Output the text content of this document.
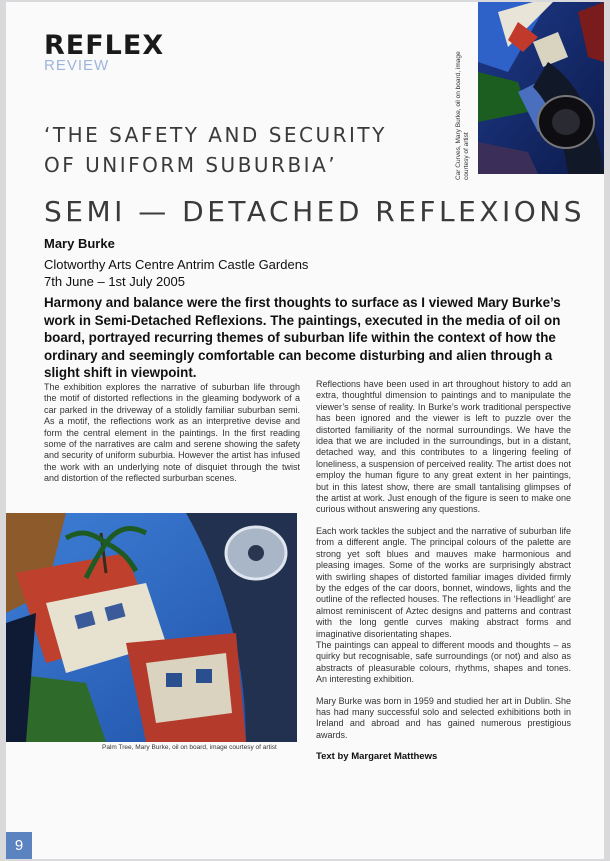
REFLEX
REVIEW	Car Curves, Mary Burke, oil on board, image courtesy of artist
‘THE SAFETY AND SECURITY
OF UNIFORM SUBURBIA’
SEMI — DETACHED REFLEXIONS
Mary Burke
Clotworthy Arts Centre Antrim Castle Gardens
7th June – 1st July 2005
Harmony and balance were the first thoughts to surface as I viewed Mary Burke’s work in Semi-Detached Reflexions. The paintings, executed in the media of oil on board, portrayed recurring themes of suburban life within the context of how the ordinary and seemingly comfortable can become disturbing and alien through a slight shift in viewpoint.
The exhibition explores the narrative of suburban life through the motif of distorted reflections in the gleaming bodywork of a car parked in the driveway of a stolidly familiar suburban semi. As a motif, the reflections work as an interpretive devise and form the central element in the paintings. In the first reading some of the narratives are calm and serene showing the safety and security of uniform suburbia. However the artist has infused the work with an underlying note of disquiet through the twist and distortion of the reflected surburban scenes.

Reflections have been used in art throughout history to add an extra, thoughtful dimension to paintings and to manipulate the viewer’s sense of reality. In Burke’s work traditional perspective has been ignored and the viewer is left to puzzle over the distorted familiarity of the normal surroundings. We have the idea that we are included in the surroundings, but in a distant, detached way, and this contributes to a lingering feeling of loneliness, a suspension of perceived reality. The artist does not employ the human figure to any great extent in her paintings, but in this latest show, there are small tantalising glimpses of the artist at work. Just enough of the figure is seen to make one curious without answering any questions.

Each work tackles the subject and the narrative of suburban life from a different angle. The principal colours of the palette are strong yet soft blues and mauves make harmonious and pleasing images. Some of the works are surprisingly abstract with swirling shapes of distorted familiar images divided firmly by the edges of the car doors, bonnet, windows, lights and the outline of the reflected houses. The reflections in ‘Headlight’ are almost reminiscent of Aztec designs and patterns and contrast with the long gentle curves making abstract forms and imaginative disorientating shapes.

The paintings can appeal to different moods and thoughts – as quirky but recognisable, safe surroundings (or not) and also as abstracts of pleasurable colours, rhythms, shapes and tones. An interesting exhibition.

Mary Burke was born in 1959 and studied her art in Dublin. She has had many successful solo and selected exhibitions both in Ireland and abroad and has gained numerous prestigious awards.

Text by Margaret Matthews
Palm Tree, Mary Burke, oil on board, image courtesy of artist
9
